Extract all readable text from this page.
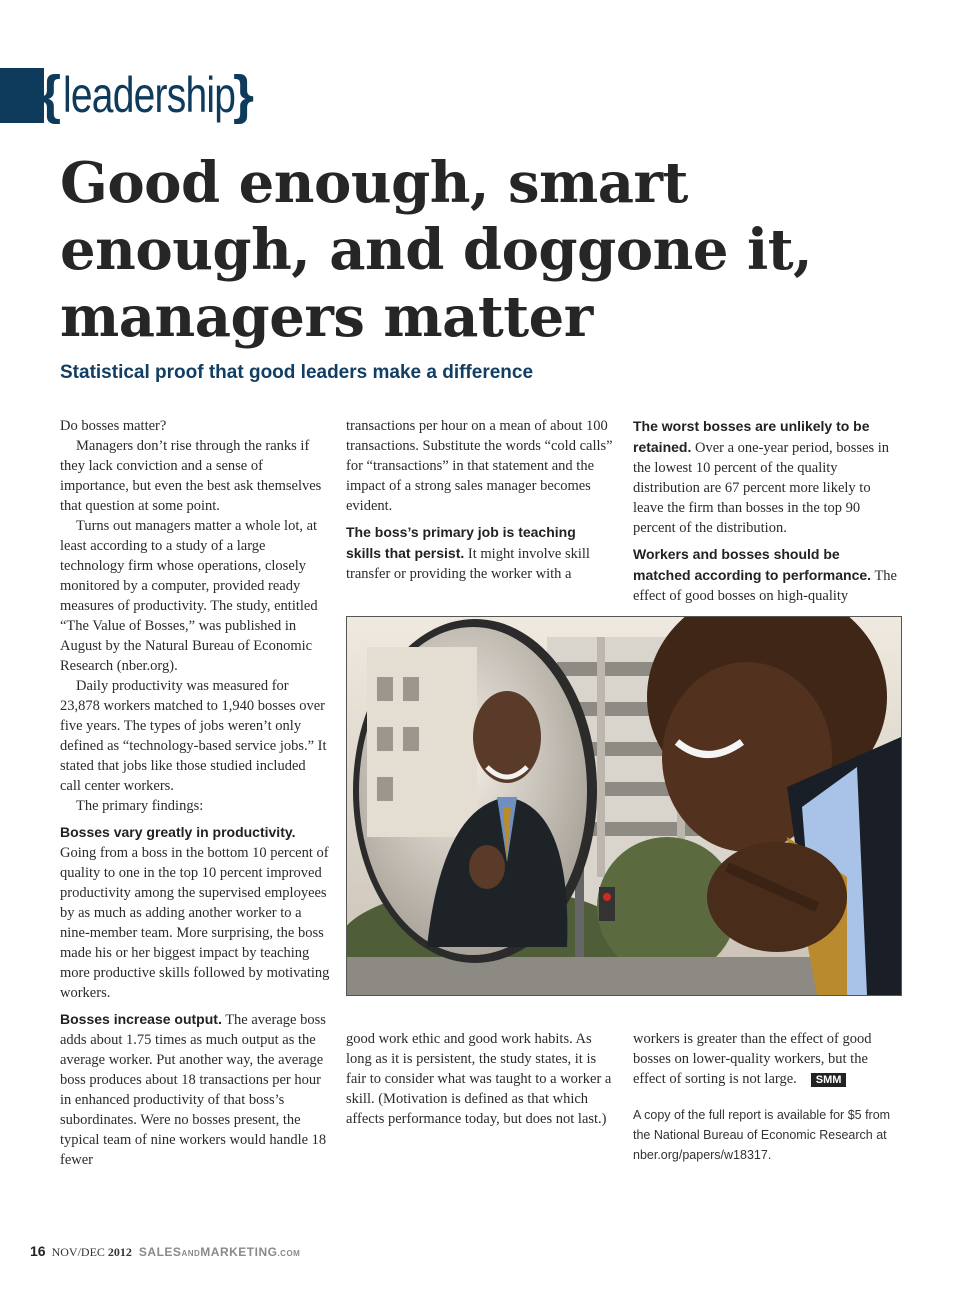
{ leadership
}
Good enough, smart enough, and doggone it, managers matter
Statistical proof that good leaders make a difference

Do bosses matter?

Managers don’t rise through the ranks if they lack conviction and a sense of importance, but even the best ask themselves that question at some point.

Turns out managers matter a whole lot, at least according to a study of a large technology firm whose operations, closely monitored by a computer, provided ready measures of productivity. The study, entitled “The Value of Bosses,” was published in August by the Natural Bureau of Economic Research (nber.org).

Daily productivity was measured for 23,878 workers matched to 1,940 bosses over five years. The types of jobs weren’t only defined as “technology-based service jobs.” It stated that jobs like those studied included call center workers.

The primary findings:

Bosses vary greatly in productivity.
Going from a boss in the bottom 10 percent of quality to one in the top 10 percent improved productivity among the supervised employees by as much as adding another worker to a nine-member team. More surprising, the boss made his or her biggest impact by teaching more productive skills followed by motivating workers.

Bosses increase output. The average boss adds about 1.75 times as much output as the average worker. Put another way, the average boss produces about 18 transactions per hour in enhanced productivity of that boss’s subordinates. Were no bosses present, the typical team of nine workers would handle 18 fewer

transactions per hour on a mean of about 100 transactions. Substitute the words “cold calls” for “transactions” in that statement and the impact of a strong sales manager becomes evident.

The boss’s primary job is teaching skills that persist. It might involve skill transfer or providing the worker with a

The worst bosses are unlikely to be retained. Over a one-year period, bosses in the lowest 10 percent of the quality distribution are 67 percent more likely to leave the firm than bosses in the top 90 percent of the distribution.

Workers and bosses should be matched according to performance. The effect of good bosses on high-quality

good work ethic and good work habits. As long as it is persistent, the study states, it is fair to consider what was taught to a worker a skill. (Motivation is defined as that which affects performance today, but does not last.)

workers is greater than the effect of good bosses on lower-quality workers, but the effect of sorting is not large. SMM

A copy of the full report is available for $5 from the National Bureau of Economic Research at nber.org/papers/w18317.

16 NOV/DEC 2012 SALESANDMARKETING.COM
